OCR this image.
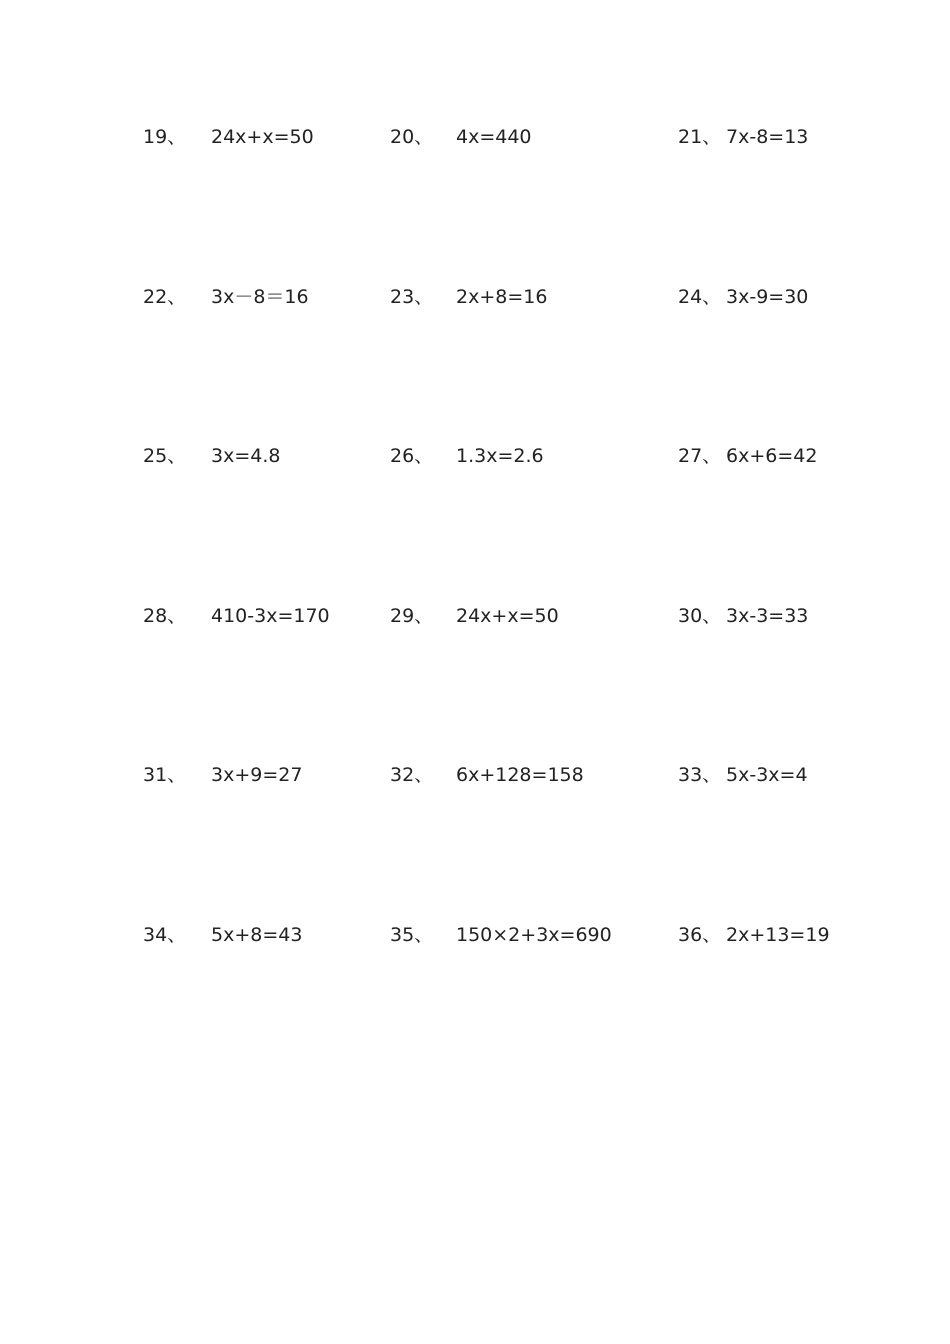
19、 24x+x=50	20、 4x=440	21、 7x-8=13
22、 3x－8＝16	23、 2x+8=16	24、 3x-9=30
25、 3x=4.8	26、 1.3x=2.6	27、 6x+6=42
28、 410-3x=170	29、 24x+x=50	30、 3x-3=33
31、 3x+9=27	32、 6x+128=158	33、 5x-3x=4
34、 5x+8=43	35、 150×2+3x=690	36、 2x+13=19
